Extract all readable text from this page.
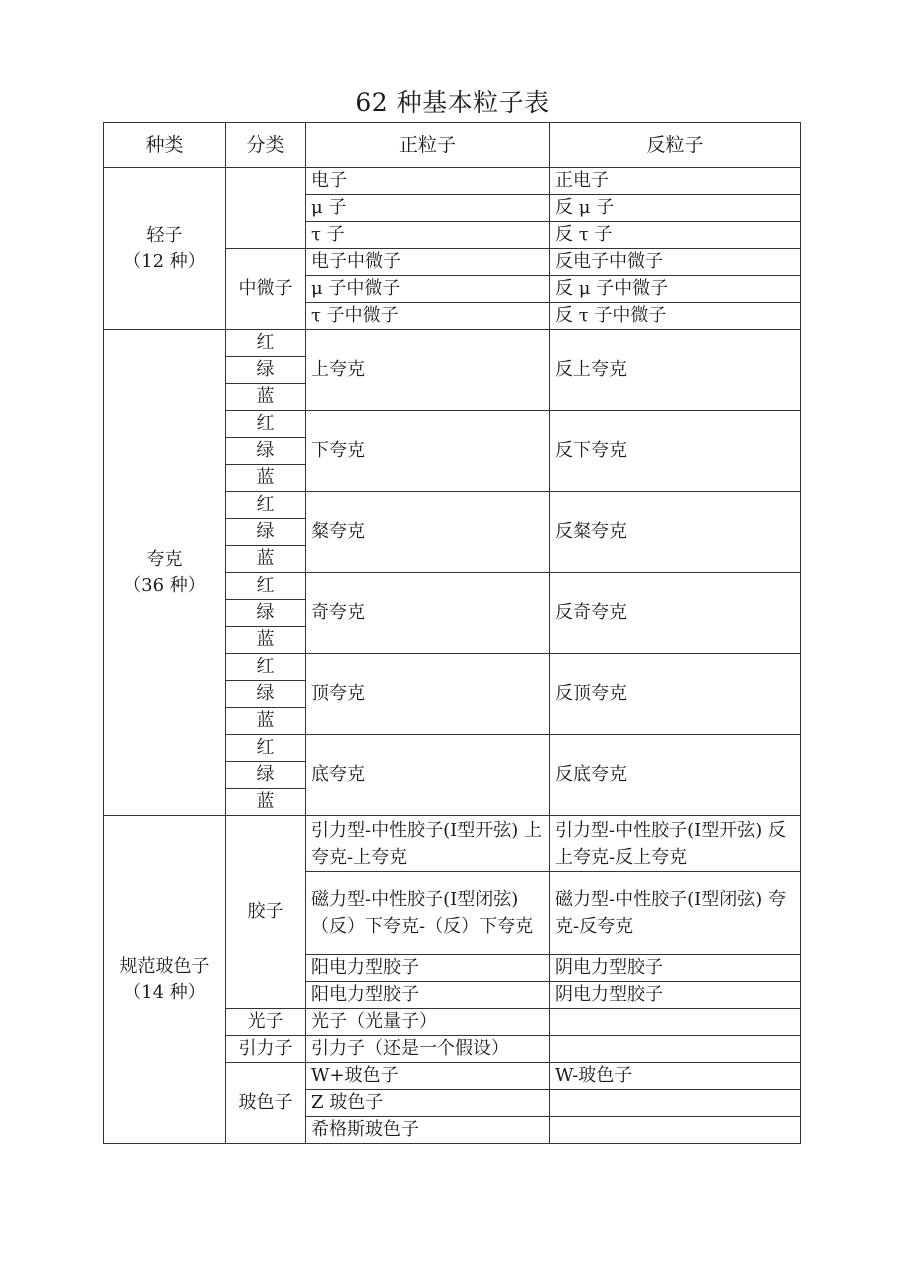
62 种基本粒子表
种类	分类	正粒子	反粒子

轻子
（12 种）		电子	正电子
		μ 子	反 μ 子
		τ 子	反 τ 子
	中微子	电子中微子	反电子中微子
		μ 子中微子	反 μ 子中微子
		τ 子中微子	反 τ 子中微子

夸克
（36 种）	红	上夸克	反上夸克
	绿		
	蓝		
	红	下夸克	反下夸克
	绿		
	蓝		
	红	粲夸克	反粲夸克
	绿		
	蓝		
	红	奇夸克	反奇夸克
	绿		
	蓝		
	红	顶夸克	反顶夸克
	绿		
	蓝		
	红	底夸克	反底夸克
	绿		
	蓝		

规范玻色子
（14 种）	胶子	引力型-中性胶子(Ⅰ型开弦) 上夸克-上夸克	引力型-中性胶子(Ⅰ型开弦) 反上夸克-反上夸克
		磁力型-中性胶子(Ⅰ型闭弦) （反）下夸克-（反）下夸克	磁力型-中性胶子(Ⅰ型闭弦) 夸克-反夸克
		阳电力型胶子	阴电力型胶子
		阳电力型胶子	阴电力型胶子
	光子	光子（光量子）	
	引力子	引力子（还是一个假设）	
	玻色子	W+玻色子	W-玻色子
		Z 玻色子	
		希格斯玻色子	
